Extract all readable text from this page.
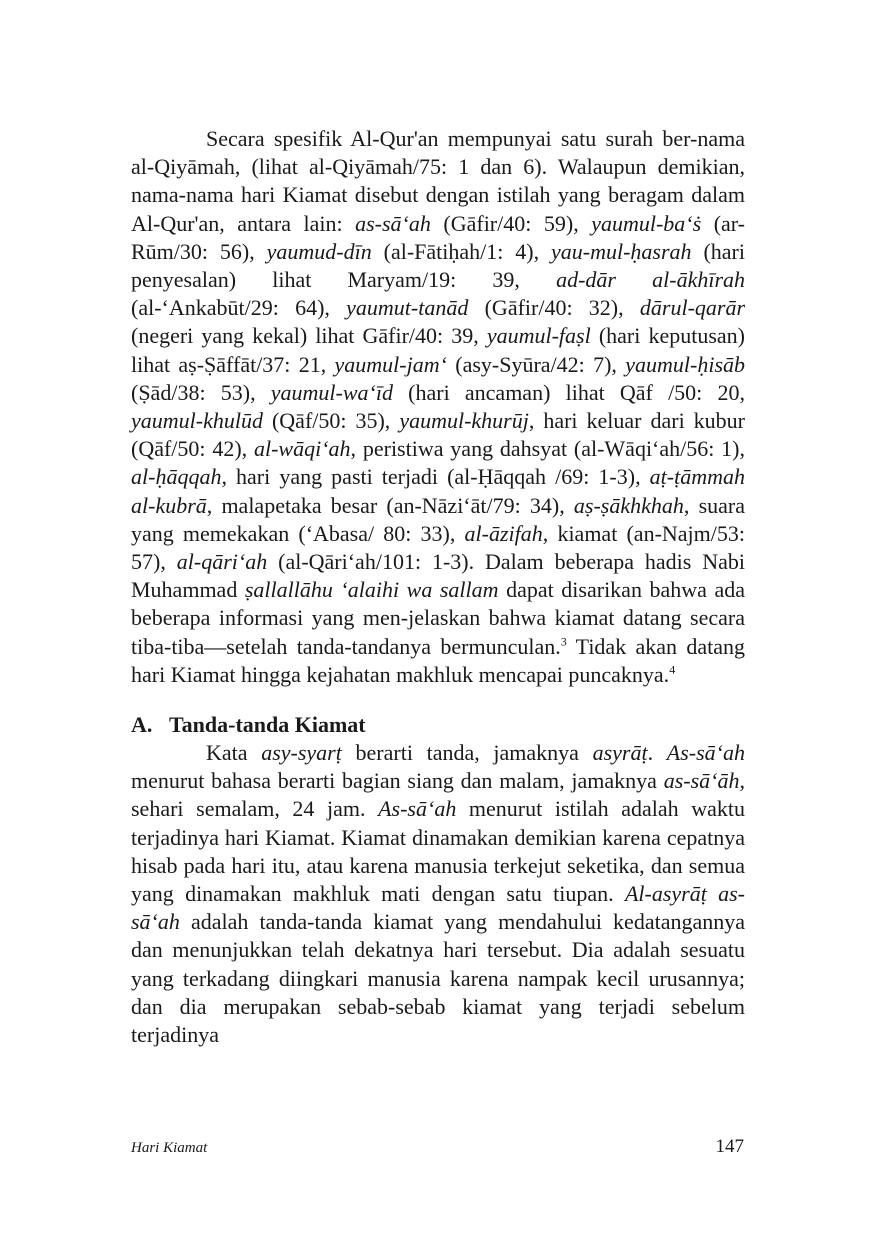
Secara spesifik Al-Qur'an mempunyai satu surah ber-nama al-Qiyāmah, (lihat al-Qiyāmah/75: 1 dan 6). Walaupun demikian, nama-nama hari Kiamat disebut dengan istilah yang beragam dalam Al-Qur'an, antara lain: as-sā‘ah (Gāfir/40: 59), yaumul-ba‘ṡ (ar-Rūm/30: 56), yaumud-dīn (al-Fātiḥah/1: 4), yau-mul-ḥasrah (hari penyesalan) lihat Maryam/19: 39, ad-dār al-ākhīrah (al-‘Ankabūt/29: 64), yaumut-tanād (Gāfir/40: 32), dārul-qarār (negeri yang kekal) lihat Gāfir/40: 39, yaumul-faṣl (hari keputusan) lihat aṣ-Ṣāffāt/37: 21, yaumul-jam‘ (asy-Syūra/42: 7), yaumul-ḥisāb (Ṣād/38: 53), yaumul-wa‘īd (hari ancaman) lihat Qāf /50: 20, yaumul-khulūd (Qāf/50: 35), yaumul-khurūj, hari keluar dari kubur (Qāf/50: 42), al-wāqi‘ah, peristiwa yang dahsyat (al-Wāqi‘ah/56: 1), al-ḥāqqah, hari yang pasti terjadi (al-Ḥāqqah /69: 1-3), aṭ-ṭāmmah al-kubrā, malapetaka besar (an-Nāzi‘āt/79: 34), aṣ-ṣākhkhah, suara yang memekakan (‘Abasa/ 80: 33), al-āzifah, kiamat (an-Najm/53: 57), al-qāri‘ah (al-Qāri‘ah/101: 1-3). Dalam beberapa hadis Nabi Muhammad ṣallallāhu ‘alaihi wa sallam dapat disarikan bahwa ada beberapa informasi yang men-jelaskan bahwa kiamat datang secara tiba-tiba—setelah tanda-tandanya bermunculan.$^3$ Tidak akan datang hari Kiamat hingga kejahatan makhluk mencapai puncaknya.$^4$

A. Tanda-tanda Kiamat

Kata asy-syarṭ berarti tanda, jamaknya asyrāṭ. As-sā‘ah menurut bahasa berarti bagian siang dan malam, jamaknya as-sā‘āh, sehari semalam, 24 jam. As-sā‘ah menurut istilah adalah waktu terjadinya hari Kiamat. Kiamat dinamakan demikian karena cepatnya hisab pada hari itu, atau karena manusia terkejut seketika, dan semua yang dinamakan makhluk mati dengan satu tiupan. Al-asyrāṭ as-sā‘ah adalah tanda-tanda kiamat yang mendahului kedatangannya dan menunjukkan telah dekatnya hari tersebut. Dia adalah sesuatu yang terkadang diingkari manusia karena nampak kecil urusannya; dan dia merupakan sebab-sebab kiamat yang terjadi sebelum terjadinya

Hari Kiamat	147
